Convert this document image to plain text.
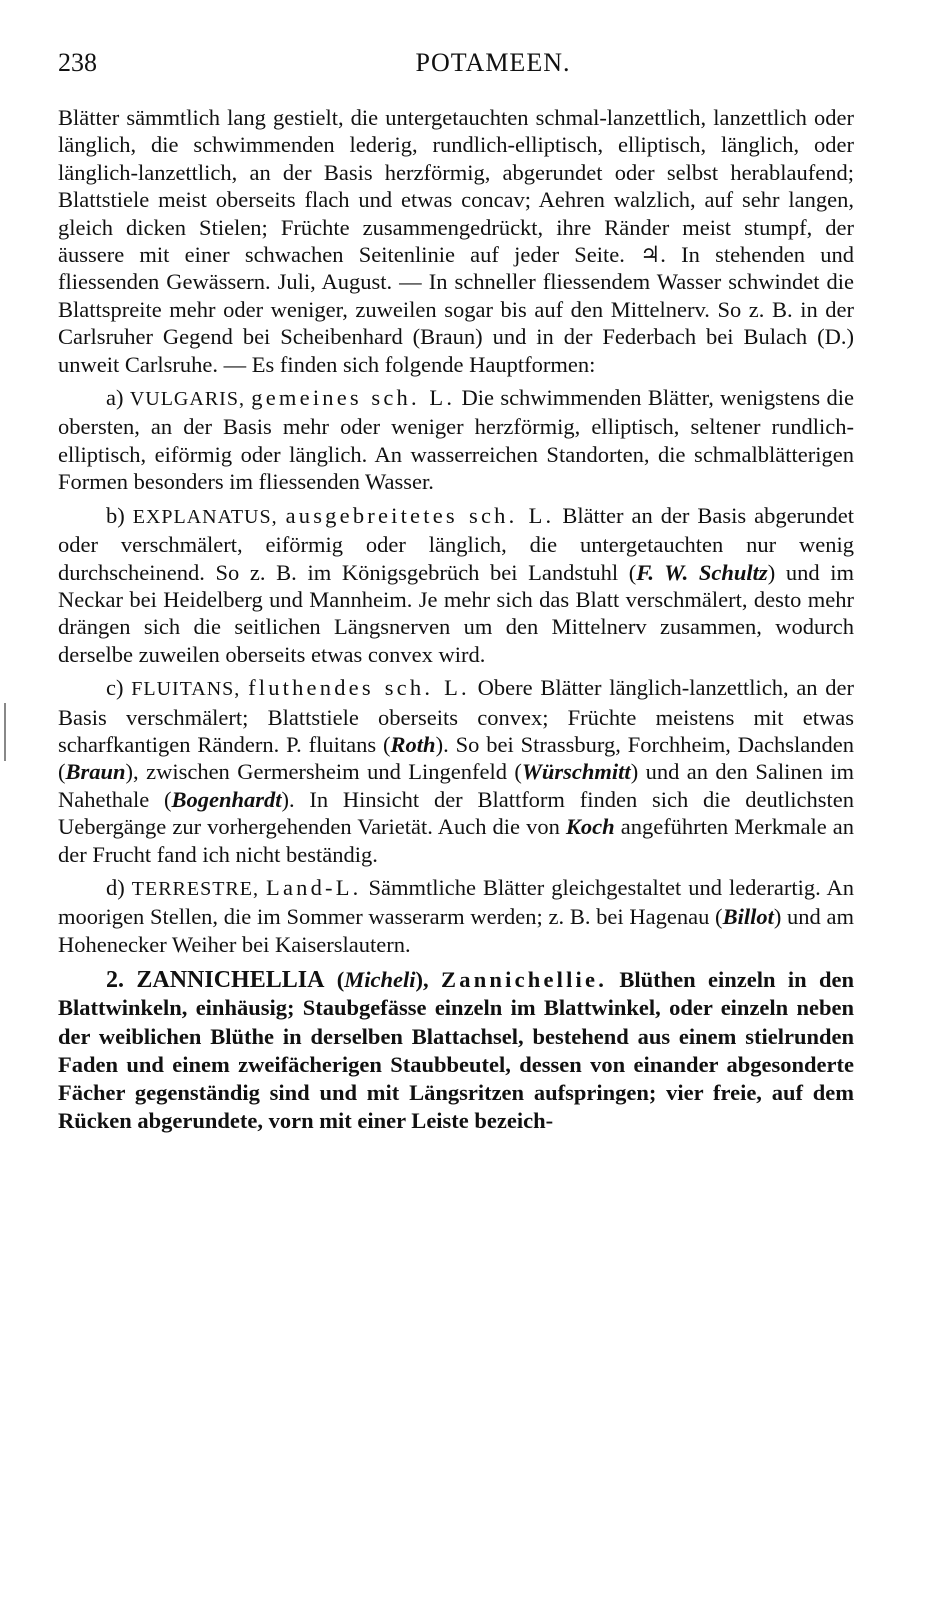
238	POTAMEEN.

Blätter sämmtlich lang gestielt, die untergetauchten schmal-lanzettlich, lanzettlich oder länglich, die schwimmenden lederig, rundlich-elliptisch, elliptisch, länglich, oder länglich-lanzettlich, an der Basis herzförmig, abgerundet oder selbst herablaufend; Blattstiele meist oberseits flach und etwas concav; Aehren walzlich, auf sehr langen, gleich dicken Stielen; Früchte zusammengedrückt, ihre Ränder meist stumpf, der äussere mit einer schwachen Seitenlinie auf jeder Seite. ♃. In stehenden und fliessenden Gewässern. Juli, August. — In schneller fliessendem Wasser schwindet die Blattspreite mehr oder weniger, zuweilen sogar bis auf den Mittelnerv. So z. B. in der Carlsruher Gegend bei Scheibenhard (Braun) und in der Federbach bei Bulach (D.) unweit Carlsruhe. — Es finden sich folgende Hauptformen:

a) VULGARIS, gemeines sch. L. Die schwimmenden Blätter, wenigstens die obersten, an der Basis mehr oder weniger herzförmig, elliptisch, seltener rundlich-elliptisch, eiförmig oder länglich. An wasserreichen Standorten, die schmalblätterigen Formen besonders im fliessenden Wasser.

b) EXPLANATUS, ausgebreitetes sch. L. Blätter an der Basis abgerundet oder verschmälert, eiförmig oder länglich, die untergetauchten nur wenig durchscheinend. So z. B. im Königsgebrüch bei Landstuhl (F. W. Schultz) und im Neckar bei Heidelberg und Mannheim. Je mehr sich das Blatt verschmälert, desto mehr drängen sich die seitlichen Längsnerven um den Mittelnerv zusammen, wodurch derselbe zuweilen oberseits etwas convex wird.

c) FLUITANS, fluthendes sch. L. Obere Blätter länglich-lanzettlich, an der Basis verschmälert; Blattstiele oberseits convex; Früchte meistens mit etwas scharfkantigen Rändern. P. fluitans (Roth). So bei Strassburg, Forchheim, Dachslanden (Braun), zwischen Germersheim und Lingenfeld (Würschmitt) und an den Salinen im Nahethale (Bogenhardt). In Hinsicht der Blattform finden sich die deutlichsten Uebergänge zur vorhergehenden Varietät. Auch die von Koch angeführten Merkmale an der Frucht fand ich nicht beständig.

d) TERRESTRE, Land-L. Sämmtliche Blätter gleichgestaltet und lederartig. An moorigen Stellen, die im Sommer wasserarm werden; z. B. bei Hagenau (Billot) und am Hohenecker Weiher bei Kaiserslautern.

2. ZANNICHELLIA (Micheli), Zannichellie. Blüthen einzeln in den Blattwinkeln, einhäusig; Staubgefässe einzeln im Blattwinkel, oder einzeln neben der weiblichen Blüthe in derselben Blattachsel, bestehend aus einem stielrunden Faden und einem zweifächerigen Staubbeutel, dessen von einander abgesonderte Fächer gegenständig sind und mit Längsritzen aufspringen; vier freie, auf dem Rücken abgerundete, vorn mit einer Leiste bezeich-
